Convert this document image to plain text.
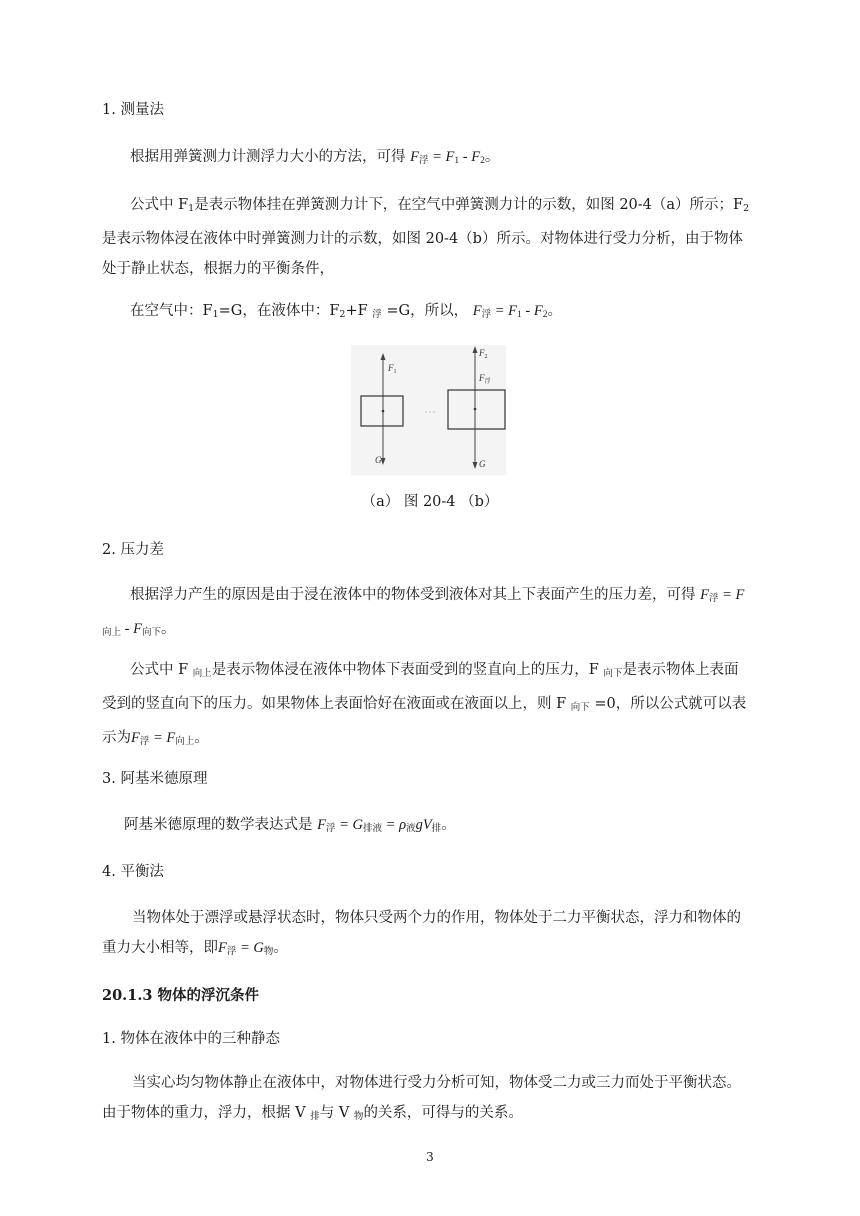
1. 测量法
根据用弹簧测力计测浮力大小的方法，可得 F浮 = F1 - F2。
公式中 $F_1$是表示物体挂在弹簧测力计下，在空气中弹簧测力计的示数，如图 20-4（a）所示；$F_2$是表示物体浸在液体中时弹簧测力计的示数，如图 20-4（b）所示。对物体进行受力分析，由于物体处于静止状态，根据力的平衡条件，
在空气中：$F_1=G$，在液体中：$F_2+F$ $_浮$ =G，所以， F浮 = F1 - F2。
$F_1$
G
$F_2$
$F_浮$
G
（a） 图 20-4 （b）
2. 压力差
根据浮力产生的原因是由于浸在液体中的物体受到液体对其上下表面产生的压力差，可得 F浮 = F向上 - F向下。
公式中 F $_{向上}$是表示物体浸在液体中物体下表面受到的竖直向上的压力，F $_{向下}$是表示物体上表面受到的竖直向下的压力。如果物体上表面恰好在液面或在液面以上，则 F $_{向下}$ =0，所以公式就可以表示为F浮 = F向上。
3. 阿基米德原理
阿基米德原理的数学表达式是 F浮 = G排液 = ρ液gV排。
4. 平衡法
当物体处于漂浮或悬浮状态时，物体只受两个力的作用，物体处于二力平衡状态，浮力和物体的重力大小相等，即F浮 = G物。
20.1.3 物体的浮沉条件
1. 物体在液体中的三种静态
当实心均匀物体静止在液体中，对物体进行受力分析可知，物体受二力或三力而处于平衡状态。由于物体的重力，浮力，根据 V $_排$与 V $_物$的关系，可得与的关系。
3
